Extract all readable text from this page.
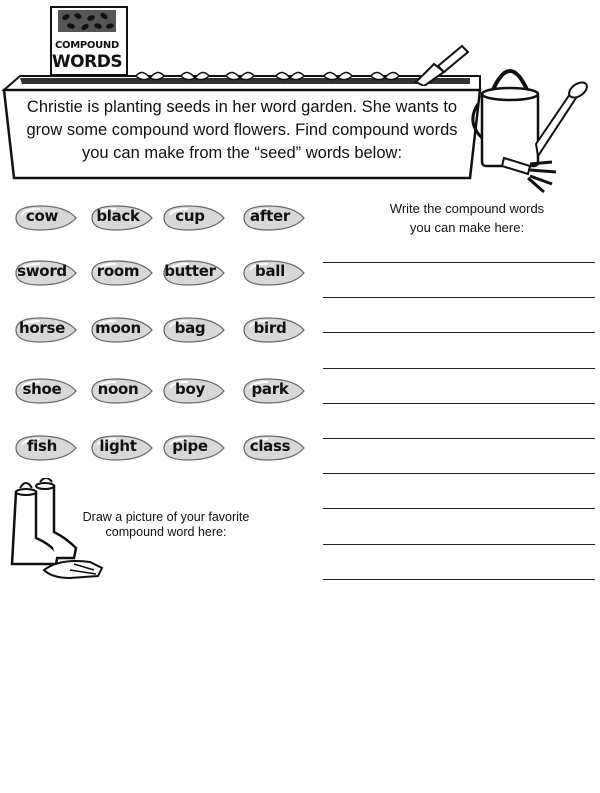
COMPOUND
WORDS
Christie is planting seeds in her word garden. She wants to grow some compound word flowers. Find compound words you can make from the “seed” words below:
cow	black	cup	after
sword	room	butter	ball
horse	moon	bag	bird
shoe	noon	boy	park
fish	light	pipe	class
Write the compound words
you can make here:
Draw a picture of your favorite
compound word here:
